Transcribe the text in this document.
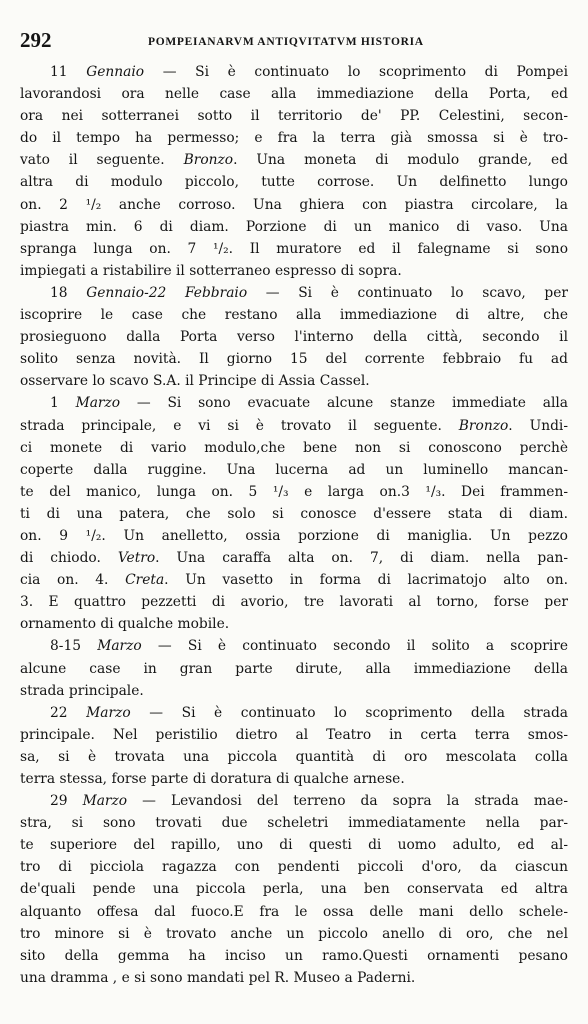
292	POMPEIANARVM ANTIQVITATVM HISTORIA
11 Gennaio — Si è continuato lo scoprimento di Pompei
lavorandosi ora nelle case alla immediazione della Porta, ed
ora nei sotterranei sotto il territorio de' PP. Celestini, secon-
do il tempo ha permesso; e fra la terra già smossa si è tro-
vato il seguente. Bronzo. Una moneta di modulo grande, ed
altra di modulo piccolo, tutte corrose. Un delfinetto lungo
on. 2 ¹/₂ anche corroso. Una ghiera con piastra circolare, la
piastra min. 6 di diam. Porzione di un manico di vaso. Una
spranga lunga on. 7 ¹/₂. Il muratore ed il falegname si sono
impiegati a ristabilire il sotterraneo espresso di sopra.
18 Gennaio-22 Febbraio — Si è continuato lo scavo, per
iscoprire le case che restano alla immediazione di altre, che
prosieguono dalla Porta verso l'interno della città, secondo il
solito senza novità. Il giorno 15 del corrente febbraio fu ad
osservare lo scavo S.A. il Principe di Assia Cassel.
1 Marzo — Si sono evacuate alcune stanze immediate alla
strada principale, e vi si è trovato il seguente. Bronzo. Undi-
ci monete di vario modulo,che bene non si conoscono perchè
coperte dalla ruggine. Una lucerna ad un luminello mancan-
te del manico, lunga on. 5 ¹/₃ e larga on.3 ¹/₃. Dei frammen-
ti di una patera, che solo si conosce d'essere stata di diam.
on. 9 ¹/₂. Un anelletto, ossia porzione di maniglia. Un pezzo
di chiodo. Vetro. Una caraffa alta on. 7, di diam. nella pan-
cia on. 4. Creta. Un vasetto in forma di lacrimatojo alto on.
3. E quattro pezzetti di avorio, tre lavorati al torno, forse per
ornamento di qualche mobile.
8-15 Marzo — Si è continuato secondo il solito a scoprire
alcune case in gran parte dirute, alla immediazione della
strada principale.
22 Marzo — Si è continuato lo scoprimento della strada
principale. Nel peristilio dietro al Teatro in certa terra smos-
sa, si è trovata una piccola quantità di oro mescolata colla
terra stessa, forse parte di doratura di qualche arnese.
29 Marzo — Levandosi del terreno da sopra la strada mae-
stra, si sono trovati due scheletri immediatamente nella par-
te superiore del rapillo, uno di questi di uomo adulto, ed al-
tro di picciola ragazza con pendenti piccoli d'oro, da ciascun
de'quali pende una piccola perla, una ben conservata ed altra
alquanto offesa dal fuoco.E fra le ossa delle mani dello schele-
tro minore si è trovato anche un piccolo anello di oro, che nel
sito della gemma ha inciso un ramo.Questi ornamenti pesano
una dramma , e si sono mandati pel R. Museo a Paderni.
